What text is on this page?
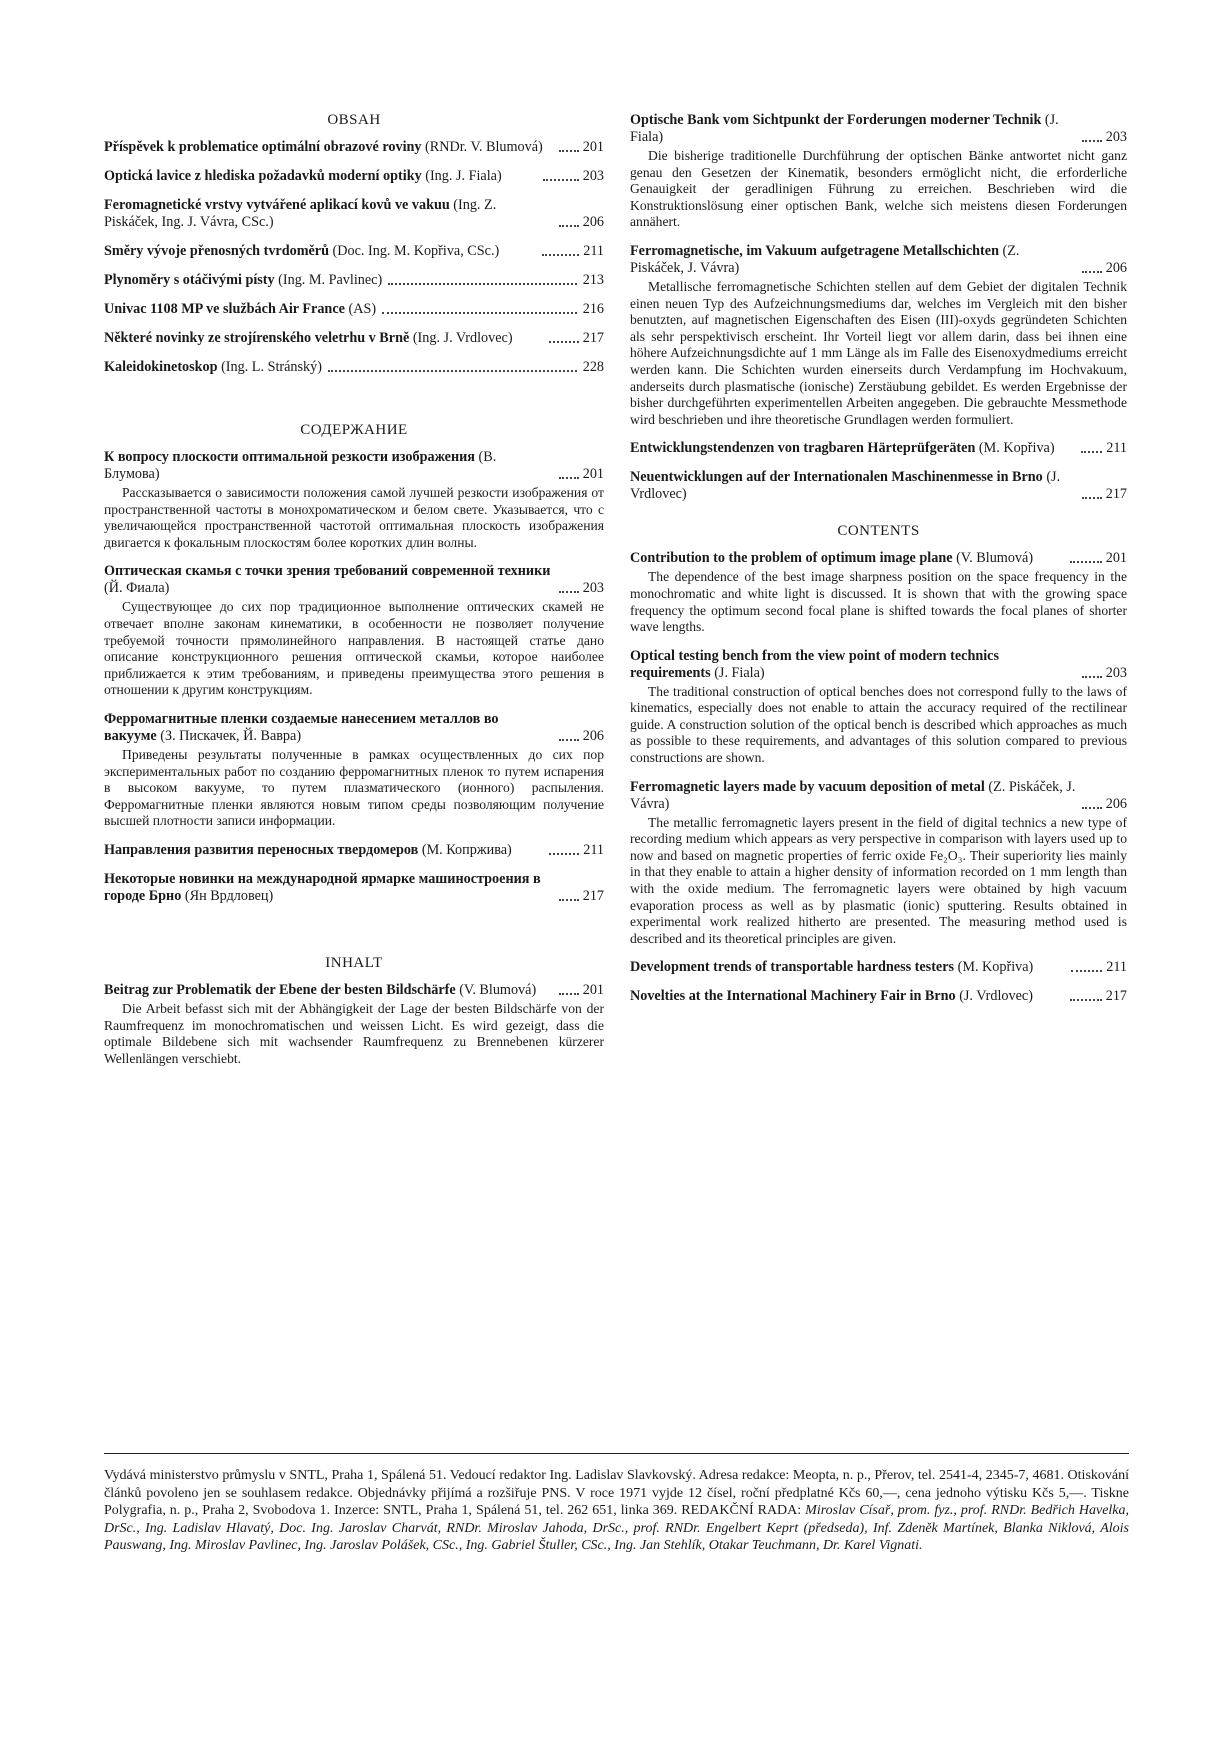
OBSAH
Příspěvek k problematice optimální obrazové roviny (RNDr. V. Blumová)	201
Optická lavice z hlediska požadavků moderní optiky (Ing. J. Fiala)	203
Feromagnetické vrstvy vytvářené aplikací kovů ve vakuu (Ing. Z. Piskáček, Ing. J. Vávra, CSc.)	206
Směry vývoje přenosných tvrdoměrů (Doc. Ing. M. Kopřiva, CSc.)	211
Plynoměry s otáčivými písty (Ing. M. Pavlinec)	213
Univac 1108 MP ve službách Air France (AS)	216
Některé novinky ze strojírenského veletrhu v Brně (Ing. J. Vrdlovec)	217
Kaleidokinetoskop (Ing. L. Stránský)	228
СОДЕРЖАНИЕ
К вопросу плоскости оптимальной резкости изображения (В. Блумова)	201
Рассказывается о зависимости положения самой лучшей резкости изображения от пространственной частоты в монохроматическом и белом свете. Указывается, что с увеличающейся пространственной частотой оптимальная плоскость изображения двигается к фокальным плоскостям более коротких длин волны.
Оптическая скамья с точки зрения требований современной техники (Й. Фиала)	203
Существующее до сих пор традиционное выполнение оптических скамей не отвечает вполне законам кинематики, в особенности не позволяет получение требуемой точности прямолинейного направления. В настоящей статье дано описание конструкционного решения оптической скамьи, которое наиболее приближается к этим требованиям, и приведены преимущества этого решения в отношении к другим конструкциям.
Ферромагнитные пленки создаемые нанесением металлов во вакууме (З. Пискачек, Й. Вавра)	206
Приведены результаты полученные в рамках осуществленных до сих пор экспериментальных работ по созданию ферромагнитных пленок то путем испарения в высоком вакууме, то путем плазматического (ионного) распыления. Ферромагнитные пленки являются новым типом среды позволяющим получение высшей плотности записи информации.
Направления развития переносных твердомеров (М. Копржива)	211
Некоторые новинки на международной ярмарке машиностроения в городе Брно (Ян Врдловец)	217
INHALT
Beitrag zur Problematik der Ebene der besten Bildschärfe (V. Blumová)	201
Die Arbeit befasst sich mit der Abhängigkeit der Lage der besten Bildschärfe von der Raumfrequenz im monochromatischen und weissen Licht. Es wird gezeigt, dass die optimale Bildebene sich mit wachsender Raumfrequenz zu Brennebenen kürzerer Wellenlängen verschiebt.
Optische Bank vom Sichtpunkt der Forderungen moderner Technik (J. Fiala)	203
Die bisherige traditionelle Durchführung der optischen Bänke antwortet nicht ganz genau den Gesetzen der Kinematik, besonders ermöglicht nicht, die erforderliche Genauigkeit der geradlinigen Führung zu erreichen. Beschrieben wird die Konstruktionslösung einer optischen Bank, welche sich meistens diesen Forderungen annähert.
Ferromagnetische, im Vakuum aufgetragene Metallschichten (Z. Piskáček, J. Vávra)	206
Metallische ferromagnetische Schichten stellen auf dem Gebiet der digitalen Technik einen neuen Typ des Aufzeichnungsmediums dar, welches im Vergleich mit den bisher benutzten, auf magnetischen Eigenschaften des Eisen (III)-oxyds gegründeten Schichten als sehr perspektivisch erscheint. Ihr Vorteil liegt vor allem darin, dass bei ihnen eine höhere Aufzeichnungsdichte auf 1 mm Länge als im Falle des Eisenoxydmediums erreicht werden kann. Die Schichten wurden einerseits durch Verdampfung im Hochvakuum, anderseits durch plasmatische (ionische) Zerstäubung gebildet. Es werden Ergebnisse der bisher durchgeführten experimentellen Arbeiten angegeben. Die gebrauchte Messmethode wird beschrieben und ihre theoretische Grundlagen werden formuliert.
Entwicklungstendenzen von tragbaren Härteprüfgeräten (M. Kopřiva)	211
Neuentwicklungen auf der Internationalen Maschinenmesse in Brno (J. Vrdlovec)	217
CONTENTS
Contribution to the problem of optimum image plane (V. Blumová)	201
The dependence of the best image sharpness position on the space frequency in the monochromatic and white light is discussed. It is shown that with the growing space frequency the optimum second focal plane is shifted towards the focal planes of shorter wave lengths.
Optical testing bench from the view point of modern technics requirements (J. Fiala)	203
The traditional construction of optical benches does not correspond fully to the laws of kinematics, especially does not enable to attain the accuracy required of the rectilinear guide. A construction solution of the optical bench is described which approaches as much as possible to these requirements, and advantages of this solution compared to previous constructions are shown.
Ferromagnetic layers made by vacuum deposition of metal (Z. Piskáček, J. Vávra)	206
The metallic ferromagnetic layers present in the field of digital technics a new type of recording medium which appears as very perspective in comparison with layers used up to now and based on magnetic properties of ferric oxide Fe₂O₃. Their superiority lies mainly in that they enable to attain a higher density of information recorded on 1 mm length than with the oxide medium. The ferromagnetic layers were obtained by high vacuum evaporation process as well as by plasmatic (ionic) sputtering. Results obtained in experimental work realized hitherto are presented. The measuring method used is described and its theoretical principles are given.
Development trends of transportable hardness testers (M. Kopřiva)	211
Novelties at the International Machinery Fair in Brno (J. Vrdlovec)	217
Vydává ministerstvo průmyslu v SNTL, Praha 1, Spálená 51. Vedoucí redaktor Ing. Ladislav Slavkovský. Adresa redakce: Meopta, n. p., Přerov, tel. 2541-4, 2345-7, 4681. Otiskování článků povoleno jen se souhlasem redakce. Objednávky přijímá a rozšiřuje PNS. V roce 1971 vyjde 12 čísel, roční předplatné Kčs 60,—, cena jednoho výtisku Kčs 5,—. Tiskne Polygrafia, n. p., Praha 2, Svobodova 1. Inzerce: SNTL, Praha 1, Spálená 51, tel. 262 651, linka 369. REDAKČNÍ RADA: Miroslav Císař, prom. fyz., prof. RNDr. Bedřich Havelka, DrSc., Ing. Ladislav Hlavatý, Doc. Ing. Jaroslav Charvát, RNDr. Miroslav Jahoda, DrSc., prof. RNDr. Engelbert Keprt (předseda), Inf. Zdeněk Martínek, Blanka Niklová, Alois Pauswang, Ing. Miroslav Pavlinec, Ing. Jaroslav Polášek, CSc., Ing. Gabriel Štuller, CSc., Ing. Jan Stehlík, Otakar Teuchmann, Dr. Karel Vignati.
